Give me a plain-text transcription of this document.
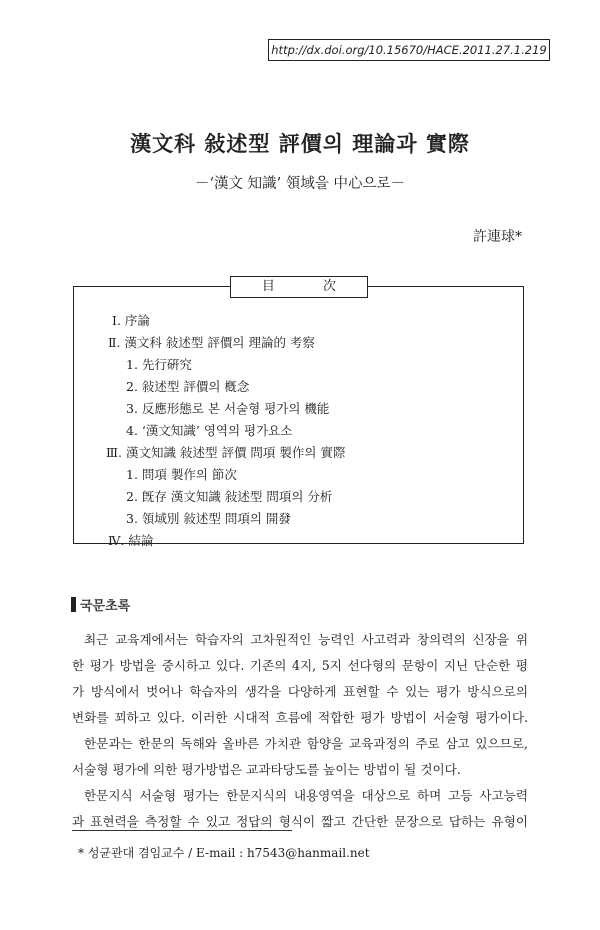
http://dx.doi.org/10.15670/HACE.2011.27.1.219
漢文科 敍述型 評價의 理論과 實際
－‘漢文 知識’ 領域을 中心으로－
許連球*
目 次
Ⅰ. 序論
Ⅱ. 漢文科 敍述型 評價의 理論的 考察
1. 先行硏究
2. 敍述型 評價의 槪念
3. 反應形態로 본 서술형 평가의 機能
4. ‘漢文知識’ 영역의 평가요소
Ⅲ. 漢文知識 敍述型 評價 問項 製作의 實際
1. 問項 製作의 節次
2. 旣存 漢文知識 敍述型 問項의 分析
3. 領域別 敍述型 問項의 開發
Ⅳ. 結論
국문초록
최근 교육계에서는 학습자의 고차원적인 능력인 사고력과 창의력의 신장을 위
한 평가 방법을 중시하고 있다. 기존의 4지, 5지 선다형의 문항이 지닌 단순한 평
가 방식에서 벗어나 학습자의 생각을 다양하게 표현할 수 있는 평가 방식으로의
변화를 꾀하고 있다. 이러한 시대적 흐름에 적합한 평가 방법이 서술형 평가이다.
한문과는 한문의 독해와 올바른 가치관 함양을 교육과정의 주로 삼고 있으므로,
서술형 평가에 의한 평가방법은 교과타당도를 높이는 방법이 될 것이다.
한문지식 서술형 평가는 한문지식의 내용영역을 대상으로 하며 고등 사고능력
과 표현력을 측정할 수 있고 정답의 형식이 짧고 간단한 문장으로 답하는 유형이
* 성균관대 겸임교수 / E-mail : h7543@hanmail.net
